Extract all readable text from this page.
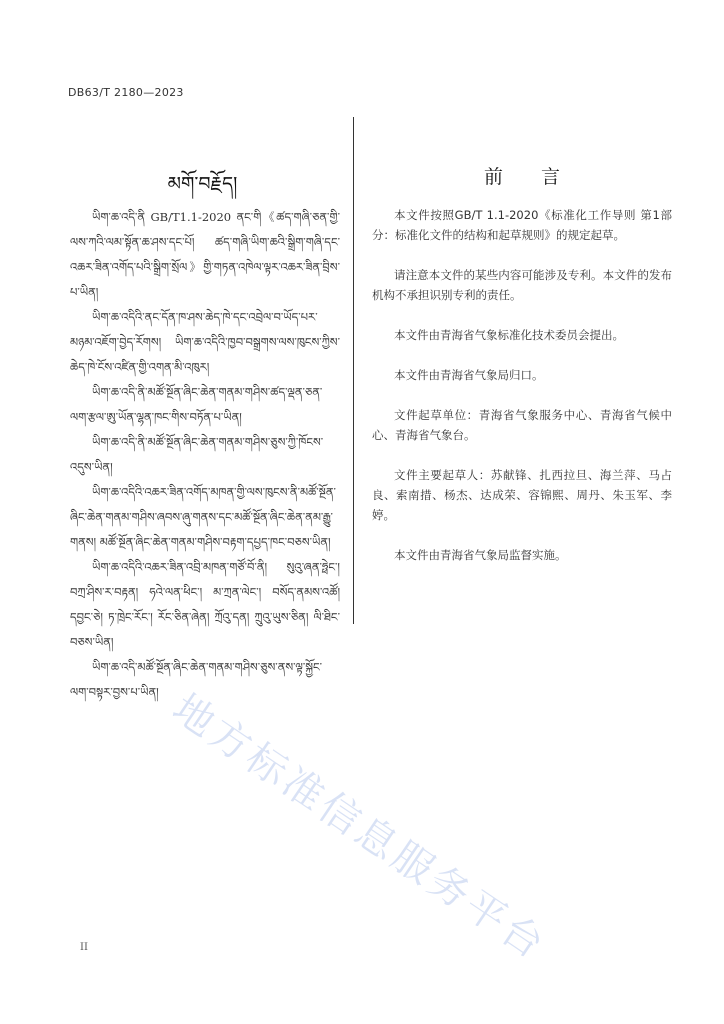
DB63/T 2180—2023
མགོ་བརྗོད།	前言

ཡིག་ཆ་འདི་ནི GB/T1.1-2020 ནང་གི《ཚད་གཞི་ཅན་གྱི་ལས་ཀའི་ལམ་སྟོན་ཆ་ཤས་དང་པོ། ཚད་གཞི་ཡིག་ཆའི་སྒྲིག་གཞི་དང་འཆར་ཟིན་འགོད་པའི་སྒྲིག་སྲོལ》གྱི་གཏན་འཁེལ་ལྟར་འཆར་ཟིན་བྲིས་པ་ཡིན།

ཡིག་ཆ་འདིའི་ནང་དོན་ཁ་ཤས་ཆེད་ཁེ་དང་འབྲེལ་བ་ཡོད་པར་མཉམ་འཇོག་བྱེད་རོགས། ཡིག་ཆ་འདིའི་ཁྱབ་བསྒྲགས་ལས་ཁུངས་ཀྱིས་ཆེད་ཁེ་ངོས་འཛིན་གྱི་འགན་མི་འཁུར།

ཡིག་ཆ་འདི་ནི་མཚོ་སྔོན་ཞིང་ཆེན་གནམ་གཤིས་ཚད་ལྡན་ཅན་ལག་རྩལ་ཨུ་ཡོན་ལྷན་ཁང་གིས་བཏོན་པ་ཡིན།

ཡིག་ཆ་འདི་ནི་མཚོ་སྔོན་ཞིང་ཆེན་གནམ་གཤིས་ཅུས་ཀྱི་ཁོངས་འདུས་ཡིན།

ཡིག་ཆ་འདིའི་འཆར་ཟིན་འགོད་མཁན་གྱི་ལས་ཁུངས་ནི་མཚོ་སྔོན་ཞིང་ཆེན་གནམ་གཤིས་ཞབས་ཞུ་གནས་དང་མཚོ་སྔོན་ཞིང་ཆེན་ནམ་རྒྱུ་གནས། མཚོ་སྔོན་ཞིང་ཆེན་གནམ་གཤིས་བརྟག་དཔྱད་ཁང་བཅས་ཡིན།

ཡིག་ཆ་འདིའི་འཆར་ཟིན་འབྲི་མཁན་གཙོ་བོ་ནི། སུའུ་ཞན་ཧྥེང་། བཀྲ་ཤིས་ར་བརྟན། ཧའེ་ལན་ཕིང་། མ་ཀྲན་ལེང་། བསོད་ནམས་འཚོ། དབྱང་ཅེ། ཏ་ཁྲེང་རོང་། རོང་ཅིན་ཞེན། ཀྲོའུ་དན། ཀྲུའུ་ཡུས་ཅིན། ལི་ཐིང་བཅས་ཡིན།

ཡིག་ཆ་འདི་མཚོ་སྔོན་ཞིང་ཆེན་གནམ་གཤིས་ཅུས་ནས་ལྟ་སྐྱོང་ལག་བསྟར་བྱས་པ་ཡིན།

本文件按照GB/T 1.1-2020《标准化工作导则 第1部分：标准化文件的结构和起草规则》的规定起草。

请注意本文件的某些内容可能涉及专利。本文件的发布机构不承担识别专利的责任。

本文件由青海省气象标准化技术委员会提出。

本文件由青海省气象局归口。

文件起草单位：青海省气象服务中心、青海省气候中心、青海省气象台。

文件主要起草人：苏献锋、扎西拉旦、海兰萍、马占良、索南措、杨杰、达成荣、容锦熙、周丹、朱玉军、李婷。

本文件由青海省气象局监督实施。

地方标准信息服务平台
II
